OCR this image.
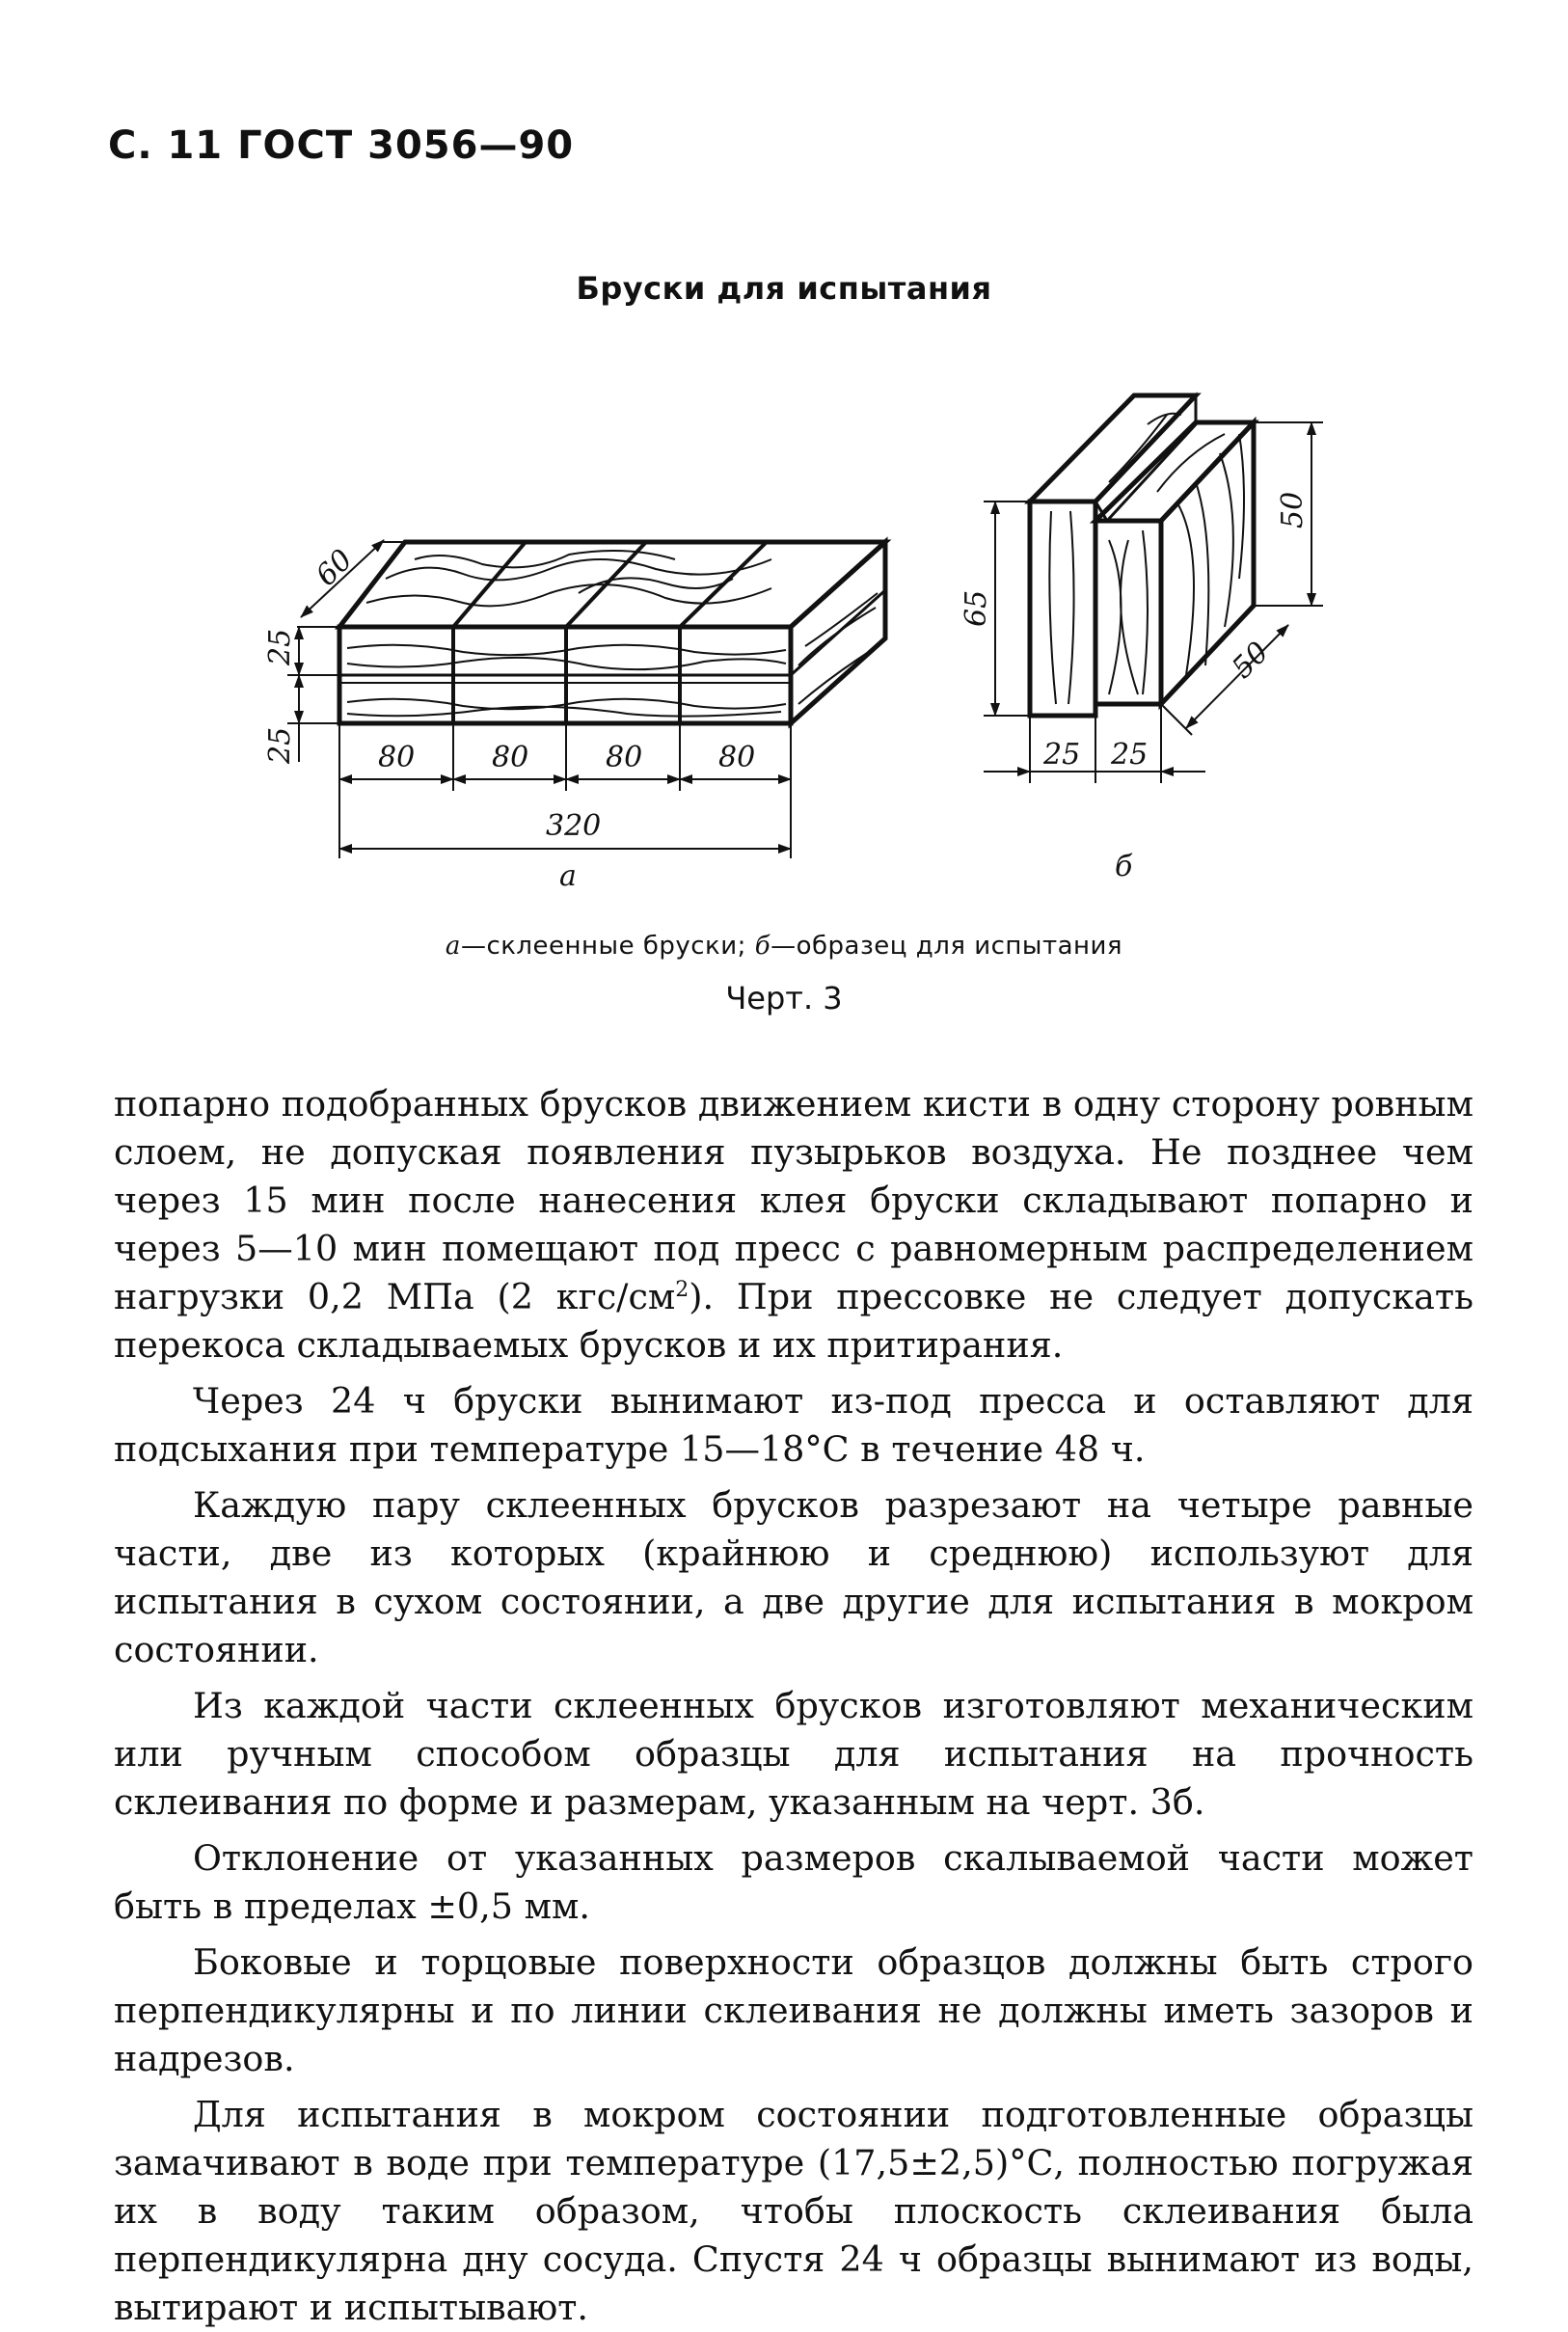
С. 11 ГОСТ 3056—90
Бруски для испытания
60
25
25	80	80	80	80
320
а
65
50
50
25 25
б
а—склеенные бруски; б—образец для испытания
Черт. 3

попарно подобранных брусков движением кисти в одну сторону ровным слоем, не допуская появления пузырьков воздуха. Не позднее чем через 15 мин после нанесения клея бруски складывают попарно и через 5—10 мин помещают под пресс с равномерным распределением нагрузки 0,2 МПа (2 кгс/$см^2$). При прессовке не следует допускать перекоса складываемых брусков и их притирания.

Через 24 ч бруски вынимают из-под пресса и оставляют для подсыхания при температуре 15—18°С в течение 48 ч.

Каждую пару склеенных брусков разрезают на четыре равные части, две из которых (крайнюю и среднюю) используют для испытания в сухом состоянии, а две другие для испытания в мокром состоянии.

Из каждой части склеенных брусков изготовляют механическим или ручным способом образцы для испытания на прочность склеивания по форме и размерам, указанным на черт. 3б.

Отклонение от указанных размеров скалываемой части может быть в пределах ±0,5 мм.

Боковые и торцовые поверхности образцов должны быть строго перпендикулярны и по линии склеивания не должны иметь зазоров и надрезов.

Для испытания в мокром состоянии подготовленные образцы замачивают в воде при температуре (17,5±2,5)°С, полностью погружая их в воду таким образом, чтобы плоскость склеивания была перпендикулярна дну сосуда. Спустя 24 ч образцы вынимают из воды, вытирают и испытывают.
